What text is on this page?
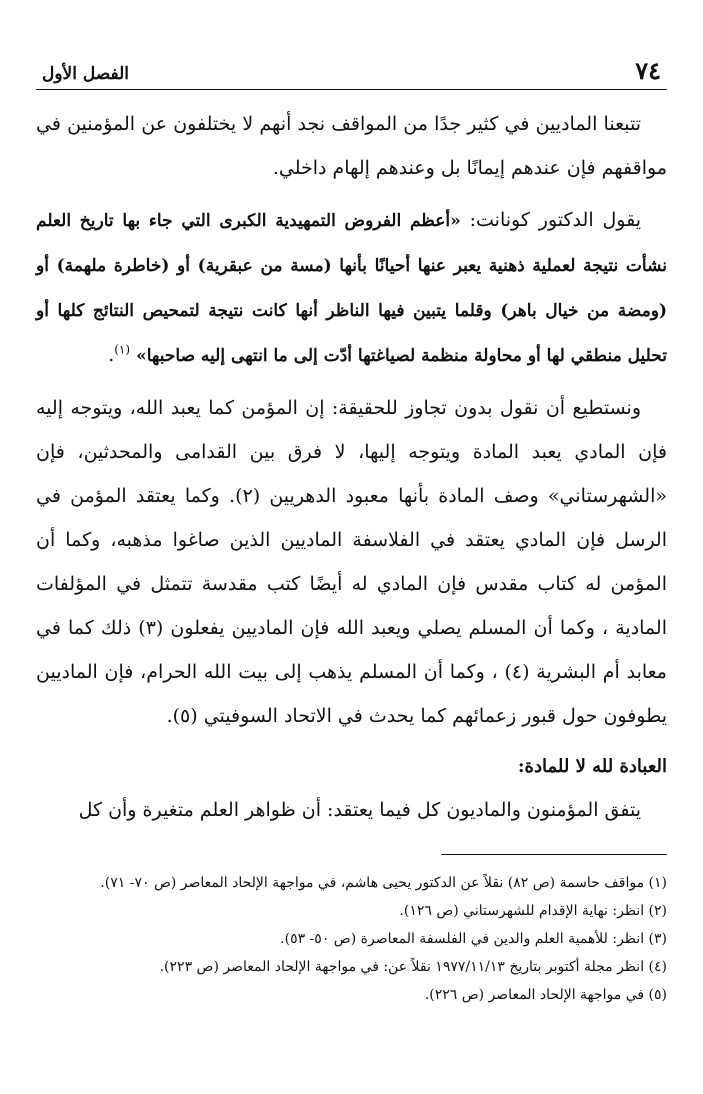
٧٤
الفصل الأول

تتبعنا الماديين في كثير جدًا من المواقف نجد أنهم لا يختلفون عن المؤمنين في مواقفهم فإن عندهم إيمانًا بل وعندهم إلهام داخلي.

يقول الدكتور كونانت: «أعظم الفروض التمهيدية الكبرى التي جاء بها تاريخ العلم نشأت نتيجة لعملية ذهنية يعبر عنها أحيانًا بأنها (مسة من عبقرية) أو (خاطرة ملهمة) أو (ومضة من خيال باهر) وقلما يتبين فيها الناظر أنها كانت نتيجة لتمحيص النتائج كلها أو تحليل منطقي لها أو محاولة منظمة لصياغتها أدّت إلى ما انتهى إليه صاحبها» $^{(١)}$.

ونستطيع أن نقول بدون تجاوز للحقيقة: إن المؤمن كما يعبد الله، ويتوجه إليه فإن المادي يعبد المادة ويتوجه إليها، لا فرق بين القدامى والمحدثين، فإن «الشهرستاني» وصف المادة بأنها معبود الدهريين (٢). وكما يعتقد المؤمن في الرسل فإن المادي يعتقد في الفلاسفة الماديين الذين صاغوا مذهبه، وكما أن المؤمن له كتاب مقدس فإن المادي له أيضًا كتب مقدسة تتمثل في المؤلفات المادية ، وكما أن المسلم يصلي ويعبد الله فإن الماديين يفعلون (٣) ذلك كما في معابد أم البشرية (٤) ، وكما أن المسلم يذهب إلى بيت الله الحرام، فإن الماديين يطوفون حول قبور زعمائهم كما يحدث في الاتحاد السوفيتي (٥).

العبادة لله لا للمادة:

يتفق المؤمنون والماديون كل فيما يعتقد: أن ظواهر العلم متغيرة وأن كل

(١) مواقف حاسمة (ص ٨٢) نقلاً عن الدكتور يحيى هاشم، في مواجهة الإلحاد المعاصر (ص ٧٠- ٧١).

(٢) انظر: نهاية الإقدام للشهرستاني (ص ١٢٦).

(٣) انظر: للأهمية العلم والدين في الفلسفة المعاصرة (ص ٥٠- ٥٣).

(٤) انظر مجلة أكتوبر بتاريخ ١٩٧٧/١١/١٣ نقلاً عن: في مواجهة الإلحاد المعاصر (ص ٢٢٣).

(٥) في مواجهة الإلحاد المعاصر (ص ٢٢٦).
